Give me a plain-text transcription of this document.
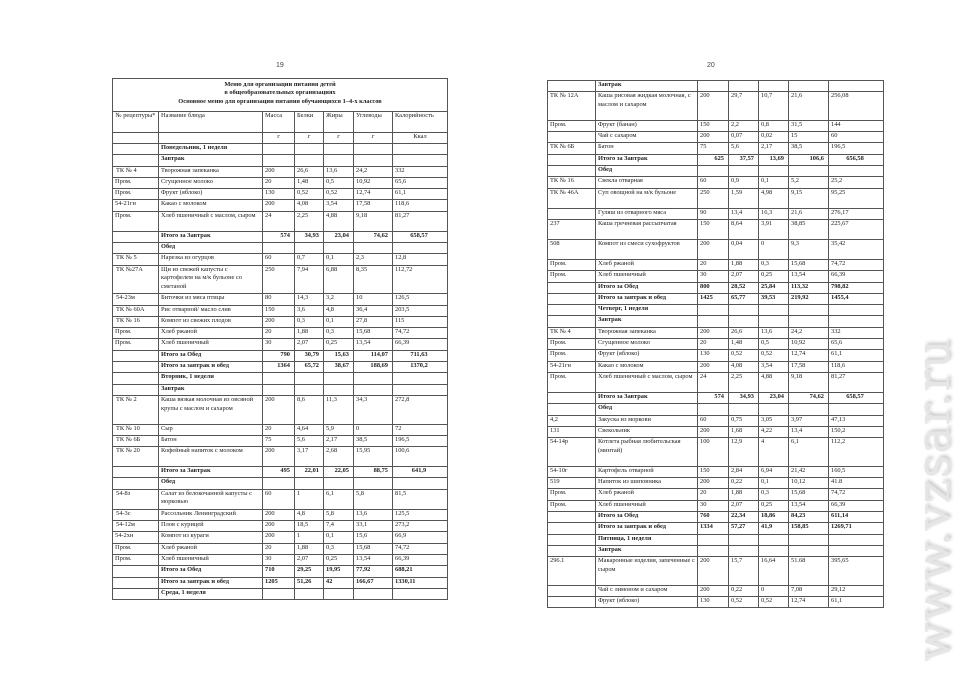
19	20
Меню для организации питания детей
в общеобразовательных организациях
Основное меню для организации питания обучающихся 1–4-х классов						

№ рецептуры*	Название блюда	Масса	Белки	Жиры	Углеводы	Калорийность
		г	г	г	г	Ккал
	Понедельник, 1 неделя					
	Завтрак					
ТК № 4	Творожная запеканка	200	26,6	13,6	24,2	332
Пром.	Сгущенное молоко	20	1,48	0,5	10,92	65,6
Пром.	Фрукт (яблоко)	130	0,52	0,52	12,74	61,1
54-21гн	Какао с молоком	200	4,08	3,54	17,58	118,6
Пром.	Хлеб пшеничный с маслом, сыром	24	2,25	4,88	9,18	81,27
	Итого за Завтрак	574	34,93	23,04	74,62	658,57
	Обед					
ТК № 5	Нарезка из огурцов	60	0,7	0,1	2,3	12,8
ТК №27А	Щи из свежей капусты с картофелем на м/к бульоне со сметаной	250	7,94	6,88	8,35	112,72
54-23м	Биточки из мяса птицы	80	14,3	3,2	10	126,5
ТК № 60А	Рис отварной/ масло слив	150	3,6	4,8	36,4	203,5
ТК № 16	Компот из свежих плодов	200	0,3	0,1	27,8	115
Пром.	Хлеб ржаной	20	1,88	0,3	15,68	74,72
Пром.	Хлеб пшеничный	30	2,07	0,25	13,54	66,39
	Итого за Обед	790	30,79	15,63	114,07	711,63
	Итого за завтрак и обед	1364	65,72	38,67	188,69	1370,2
	Вторник, 1 недели					
	Завтрак					
ТК № 2	Каша вязкая молочная из овсяной крупы с маслом и сахаром	200	8,6	11,3	34,3	272,8
ТК № 10	Сыр	20	4,64	5,9	0	72
ТК № 6Б	Батон	75	5,6	2,17	38,5	196,5
ТК № 20	Кофейный напиток с молоком	200	3,17	2,68	15,95	100,6
	Итого за Завтрак	495	22,01	22,05	88,75	641,9
	Обед					
54-8з	Салат из белокочанной капусты с морковью	60	1	6,1	5,8	81,5
54-3с	Рассольник Ленинградский	200	4,8	5,8	13,6	125,5
54-12м	Плов с курицей	200	18,5	7,4	33,1	273,2
54-2хн	Компот из кураги	200	1	0,1	15,6	66,9
Пром.	Хлеб ржаной	20	1,88	0,3	15,68	74,72
Пром.	Хлеб пшеничный	30	2,07	0,25	13,54	66,39
	Итого за Обед	710	29,25	19,95	77,92	688,21
	Итого за завтрак и обед	1205	51,26	42	166,67	1330,11
	Среда, 1 неделя					
	Завтрак					
ТК № 12А	Каша рисовая жидкая молочная, с маслом и сахаром	200	29,7	10,7	21,6	256,08
Пром.	Фрукт (банан)	150	2,2	0,8	31,5	144
	Чай с сахаром	200	0,07	0,02	15	60
ТК № 6Б	Батон	75	5,6	2,17	38,5	196,5
	Итого за Завтрак	625	37,57	13,69	106,6	656,58
	Обед					
ТК № 16	Свекла отварная	60	0,9	0,1	5,2	25,2
ТК № 46А	Суп овощной на м/к бульоне	250	1,59	4,98	9,15	95,25
	Гуляш из отварного мяса	90	13,4	16,3	21,6	276,17
237	Каша гречневая рассыпчатая	150	8,64	3,91	38,85	225,67
508	Компот из смеси сухофруктов	200	0,04	0	9,3	35,42
Пром.	Хлеб ржаной	20	1,88	0,3	15,68	74,72
Пром.	Хлеб пшеничный	30	2,07	0,25	13,54	66,39
	Итого за Обед	800	28,52	25,84	113,32	798,82
	Итого за завтрак и обед	1425	65,77	39,53	219,92	1455,4
	Четверг, 1 неделя					
	Завтрак					
ТК № 4	Творожная запеканка	200	26,6	13,6	24,2	332
Пром.	Сгущенное молоко	20	1,48	0,5	10,92	65,6
Пром.	Фрукт (яблоко)	130	0,52	0,52	12,74	61,1
54-21гн	Какао с молоком	200	4,08	3,54	17,58	118,6
Пром.	Хлеб пшеничный с маслом, сыром	24	2,25	4,88	9,18	81,27
	Итого за Завтрак	574	34,93	23,04	74,62	658,57
	Обед					
4,2	Закуска из моркови	60	0,75	3,05	3,97	47,13
131	Свекольник	200	1,68	4,22	13,4	150,2
54-14р	Котлета рыбная любительская (минтай)	100	12,9	4	6,1	112,2
54-10г	Картофель отварной	150	2,84	6,94	21,42	160,5
519	Напиток из шиповника	200	0,22	0,1	10,12	41.8
Пром.	Хлеб ржаной	20	1,88	0,3	15,68	74,72
Пром.	Хлеб пшеничный	30	2,07	0,25	13,54	66,39
	Итого за Обед	760	22,34	18,86	84,23	611,14
	Итого за завтрак и обед	1334	57,27	41,9	158,85	1269,71
	Пятница, 1 неделя					
	Завтрак					
296.1	Макаронные изделия, запеченные с сыром	200	15,7	16,64	51.68	395,65
	Чай с лимоном и сахаром	200	0,22	0	7,08	29,12
	Фрукт (яблоко)	130	0,52	0,52	12,74	61,1 www.vzsar.ru
